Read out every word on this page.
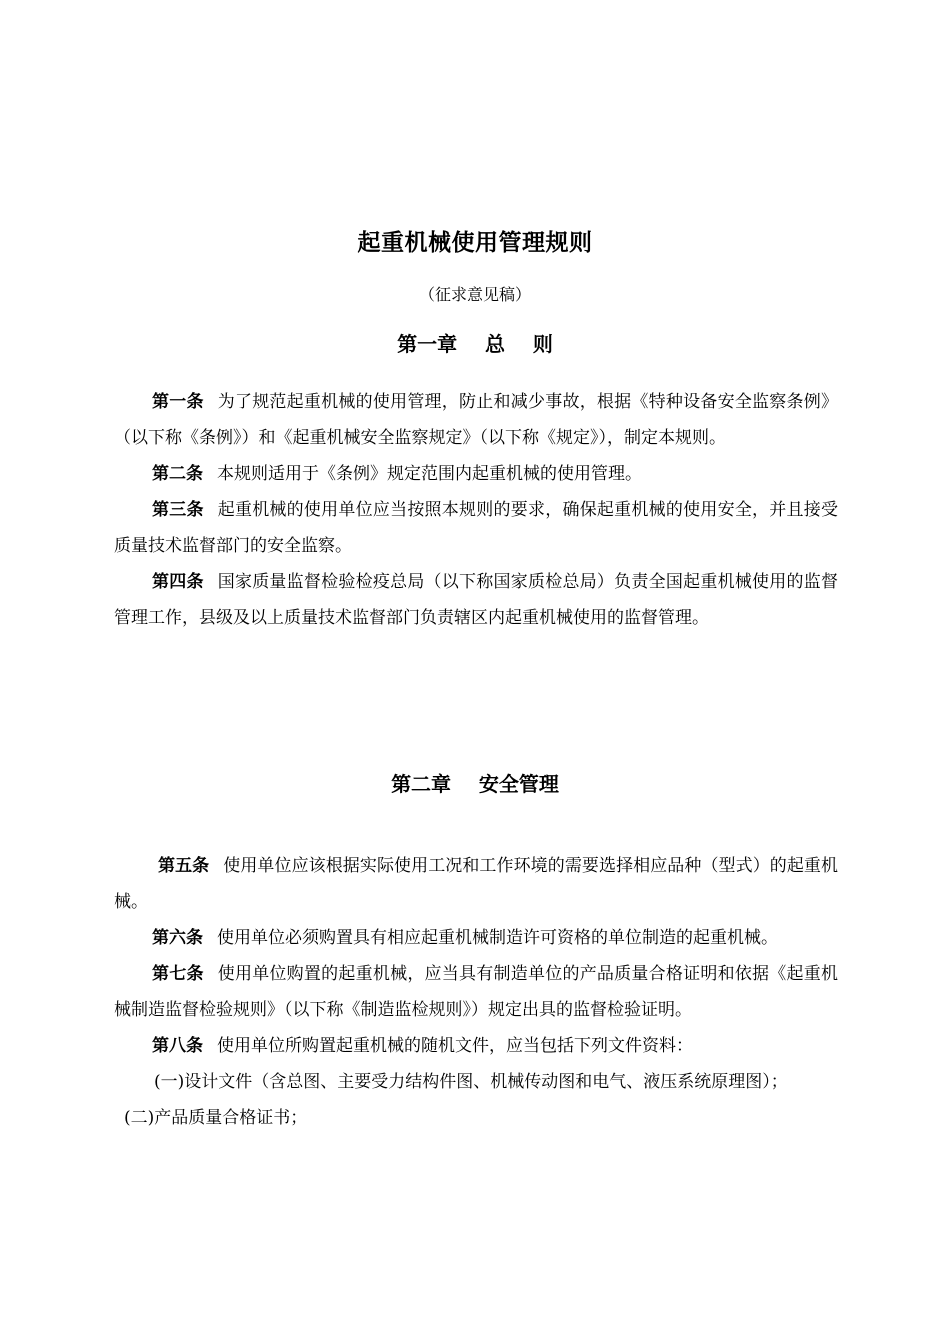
起重机械使用管理规则
（征求意见稿）
第一章    总    则

第一条 为了规范起重机械的使用管理，防止和减少事故，根据《特种设备安全监察条例》（以下称《条例》）和《起重机械安全监察规定》（以下称《规定》），制定本规则。

第二条 本规则适用于《条例》规定范围内起重机械的使用管理。

第三条 起重机械的使用单位应当按照本规则的要求，确保起重机械的使用安全，并且接受质量技术监督部门的安全监察。

第四条 国家质量监督检验检疫总局（以下称国家质检总局）负责全国起重机械使用的监督管理工作，县级及以上质量技术监督部门负责辖区内起重机械使用的监督管理。

第二章    安全管理

第五条 使用单位应该根据实际使用工况和工作环境的需要选择相应品种（型式）的起重机械。

第六条 使用单位必须购置具有相应起重机械制造许可资格的单位制造的起重机械。

第七条 使用单位购置的起重机械，应当具有制造单位的产品质量合格证明和依据《起重机械制造监督检验规则》（以下称《制造监检规则》）规定出具的监督检验证明。

第八条 使用单位所购置起重机械的随机文件，应当包括下列文件资料：

(一)设计文件（含总图、主要受力结构件图、机械传动图和电气、液压系统原理图）；

(二)产品质量合格证书；
